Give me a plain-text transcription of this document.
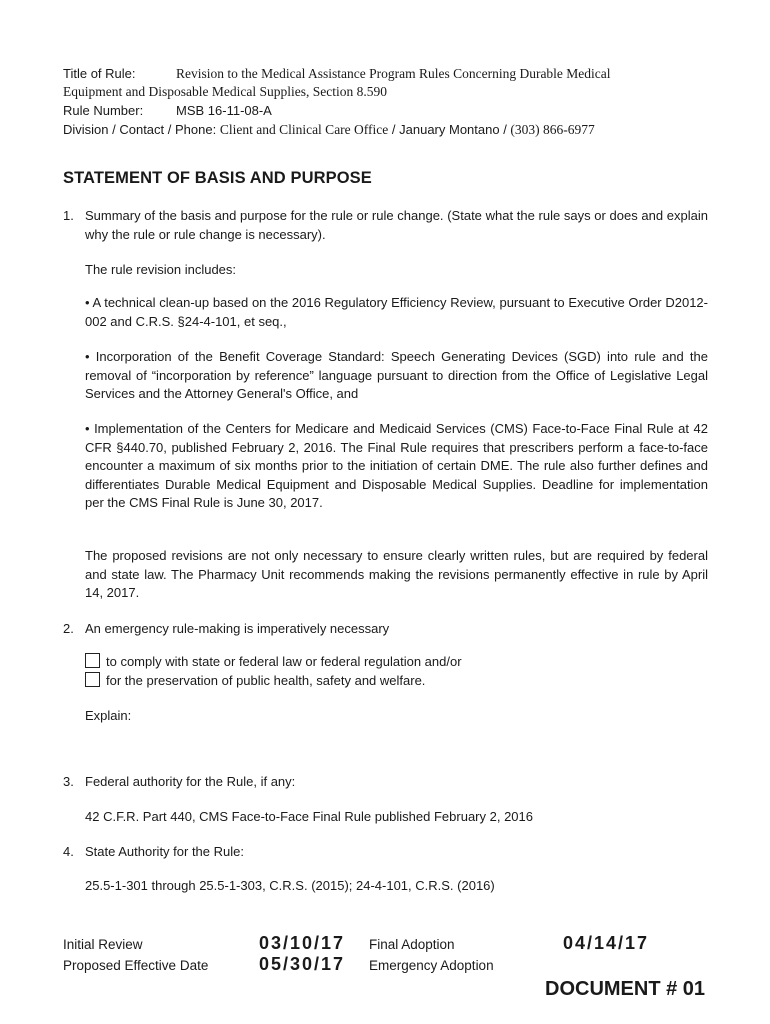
Title of Rule:	Revision to the Medical Assistance Program Rules Concerning Durable Medical
Equipment and Disposable Medical Supplies, Section 8.590
Rule Number:	MSB 16-11-08-A
Division / Contact / Phone: Client and Clinical Care Office / January Montano / (303) 866-6977
STATEMENT OF BASIS AND PURPOSE
1. Summary of the basis and purpose for the rule or rule change. (State what the rule says or does and explain why the rule or rule change is necessary).

The rule revision includes:

• A technical clean-up based on the 2016 Regulatory Efficiency Review, pursuant to Executive Order D2012-002 and C.R.S. §24-4-101, et seq.,

• Incorporation of the Benefit Coverage Standard: Speech Generating Devices (SGD) into rule and the removal of “incorporation by reference” language pursuant to direction from the Office of Legislative Legal Services and the Attorney General's Office, and

• Implementation of the Centers for Medicare and Medicaid Services (CMS) Face-to-Face Final Rule at 42 CFR §440.70, published February 2, 2016. The Final Rule requires that prescribers perform a face-to-face encounter a maximum of six months prior to the initiation of certain DME. The rule also further defines and differentiates Durable Medical Equipment and Disposable Medical Supplies. Deadline for implementation per the CMS Final Rule is June 30, 2017.

The proposed revisions are not only necessary to ensure clearly written rules, but are required by federal and state law. The Pharmacy Unit recommends making the revisions permanently effective in rule by April 14, 2017.

2. An emergency rule-making is imperatively necessary

to comply with state or federal law or federal regulation and/or
for the preservation of public health, safety and welfare.

Explain:

3. Federal authority for the Rule, if any:

42 C.F.R. Part 440, CMS Face-to-Face Final Rule published February 2, 2016

4. State Authority for the Rule:

25.5-1-301 through 25.5-1-303, C.R.S. (2015); 24-4-101, C.R.S. (2016)

Initial Review	03/10/17 Final Adoption	04/14/17
Proposed Effective Date	05/30/17 Emergency Adoption
DOCUMENT # 01
